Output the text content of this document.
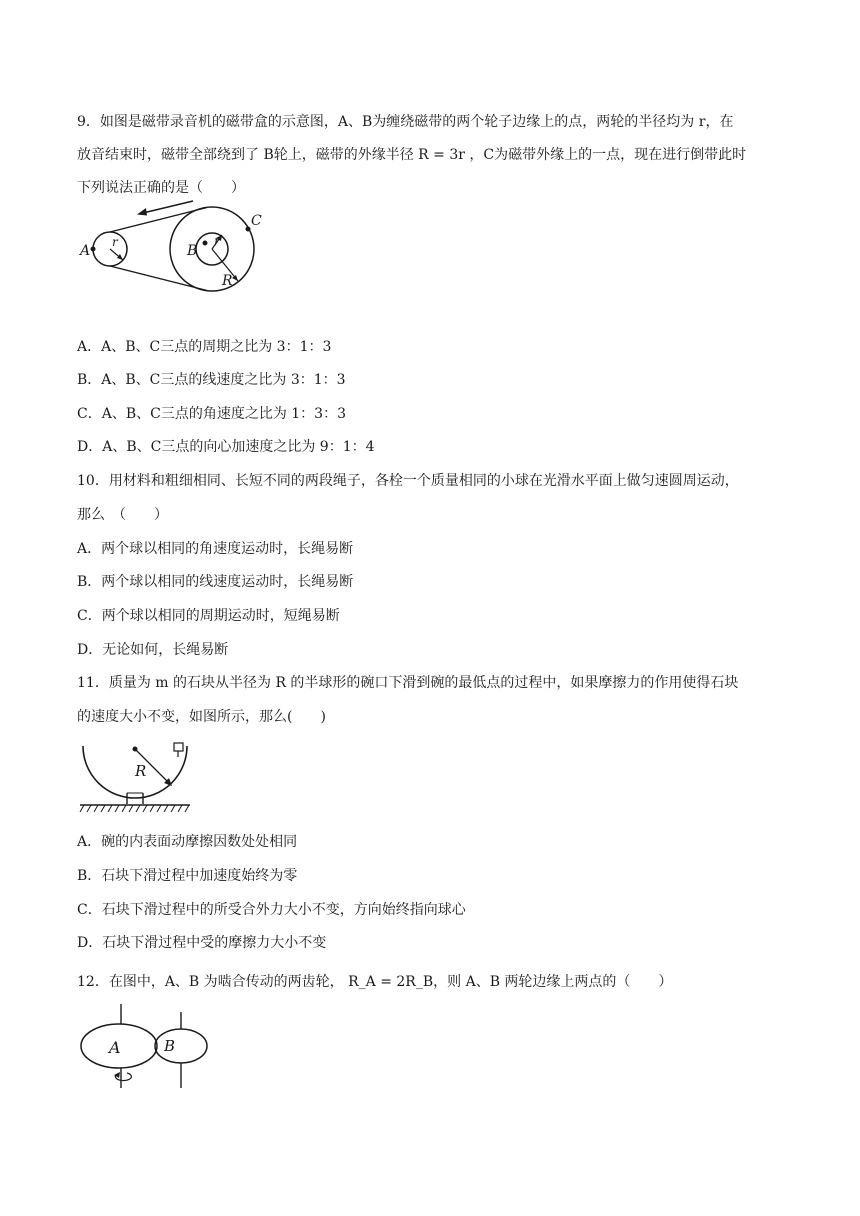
9．如图是磁带录音机的磁带盒的示意图，A、B为缠绕磁带的两个轮子边缘上的点，两轮的半径均为 r，在
放音结束时，磁带全部绕到了 B轮上，磁带的外缘半径 R = 3r ，C为磁带外缘上的一点，现在进行倒带此时
下列说法正确的是（　　）
A
r
B
r
C
R
A．A、B、C三点的周期之比为 3：1：3
B．A、B、C三点的线速度之比为 3：1：3
C．A、B、C三点的角速度之比为 1：3：3
D．A、B、C三点的向心加速度之比为 9：1：4
10．用材料和粗细相同、长短不同的两段绳子，各栓一个质量相同的小球在光滑水平面上做匀速圆周运动，
那么　（　　）
A．两个球以相同的角速度运动时，长绳易断
B．两个球以相同的线速度运动时，长绳易断
C．两个球以相同的周期运动时，短绳易断
D．无论如何，长绳易断
11．质量为 m 的石块从半径为 R 的半球形的碗口下滑到碗的最低点的过程中，如果摩擦力的作用使得石块
的速度大小不变，如图所示，那么(　　)
R
A．碗的内表面动摩擦因数处处相同
B．石块下滑过程中加速度始终为零
C．石块下滑过程中的所受合外力大小不变，方向始终指向球心
D．石块下滑过程中受的摩擦力大小不变
12．在图中，A、B 为啮合传动的两齿轮， R_A = 2R_B，则 A、B 两轮边缘上两点的（　　）
A	B
